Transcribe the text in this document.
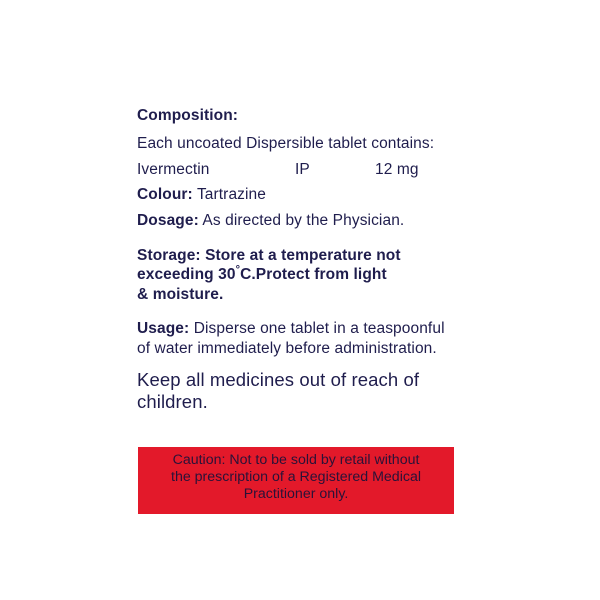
Composition:
Each uncoated Dispersible tablet contains:
Ivermectin	IP	12 mg
Colour: Tartrazine
Dosage: As directed by the Physician.
Storage: Store at a temperature not
exceeding 30°C.Protect from light
& moisture.
Usage: Disperse one tablet in a teaspoonful
of water immediately before administration.
Keep all medicines out of reach of
children.
Caution: Not to be sold by retail without
the prescription of a Registered Medical
Practitioner only.
